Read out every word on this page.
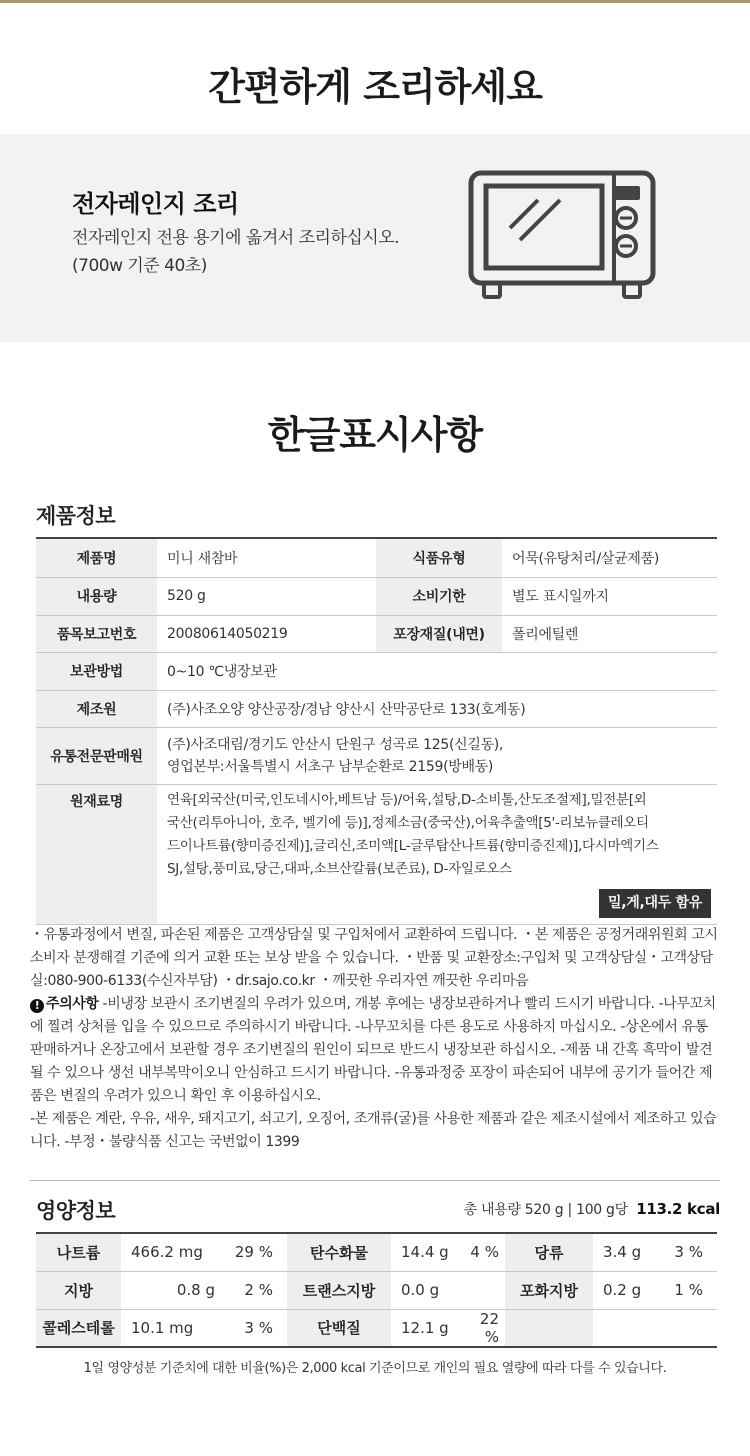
간편하게 조리하세요
전자레인지 조리
전자레인지 전용 용기에 옮겨서 조리하십시오.
(700w 기준 40초)
한글표시사항
제품정보
제품명	미니 새참바	식품유형	어묵(유탕처리/살균제품)
내용량	520 g	소비기한	별도 표시일까지
품목보고번호	20080614050219	포장재질(내면)	폴리에틸렌
보관방법	0~10 ℃냉장보관		
제조원	(주)사조오양 양산공장/경남 양산시 산막공단로 133(호계동)		
유통전문판매원	(주)사조대림/경기도 안산시 단원구 성곡로 125(신길동),
영업본부:서울특별시 서초구 남부순환로 2159(방배동)		
원재료명	연육[외국산(미국,인도네시아,베트남 등)/어육,설탕,D-소비톨,산도조절제],밀전분[외
국산(리투아니아, 호주, 벨기에 등)],정제소금(중국산),어육추출액[5'-리보뉴클레오티
드이나트륨(향미증진제)],글리신,조미액[L-글루탐산나트륨(향미증진제)],다시마엑기스
SJ,설탕,풍미료,당근,대파,소브산칼륨(보존료), D-자일로오스
밀,게,대두 함유		

・유통과정에서 변질, 파손된 제품은 고객상담실 및 구입처에서 교환하여 드립니다. ・본 제품은 공정거래위원회 고시 소비자 분쟁해결 기준에 의거 교환 또는 보상 받을 수 있습니다. ・반품 및 교환장소:구입처 및 고객상담실・고객상담실:080-900-6133(수신자부담) ・dr.sajo.co.kr ・깨끗한 우리자연 깨끗한 우리마음

! 주의사항 -비냉장 보관시 조기변질의 우려가 있으며, 개봉 후에는 냉장보관하거나 빨리 드시기 바랍니다. -나무꼬치에 찔려 상처를 입을 수 있으므로 주의하시기 바랍니다. -나무꼬치를 다른 용도로 사용하지 마십시오. -상온에서 유통판매하거나 온장고에서 보관할 경우 조기변질의 원인이 되므로 반드시 냉장보관 하십시오. -제품 내 간혹 흑막이 발견될 수 있으나 생선 내부복막이오니 안심하고 드시기 바랍니다. -유통과정중 포장이 파손되어 내부에 공기가 들어간 제품은 변질의 우려가 있으니 확인 후 이용하십시오.

-본 제품은 계란, 우유, 새우, 돼지고기, 쇠고기, 오징어, 조개류(굴)를 사용한 제품과 같은 제조시설에서 제조하고 있습니다. -부정・불량식품 신고는 국번없이 1399

영양정보	총 내용량 520 g | 100 g당 113.2 kcal
나트륨	466.2 mg	29 %	탄수화물	14.4 g	4 %	당류	3.4 g	3 %
지방	0.8 g	2 %	트랜스지방	0.0 g		포화지방	0.2 g	1 %
콜레스테롤	10.1 mg	3 %	단백질	12.1 g	22 %			
1일 영양성분 기준치에 대한 비율(%)은 2,000 kcal 기준이므로 개인의 필요 열량에 따라 다를 수 있습니다.
